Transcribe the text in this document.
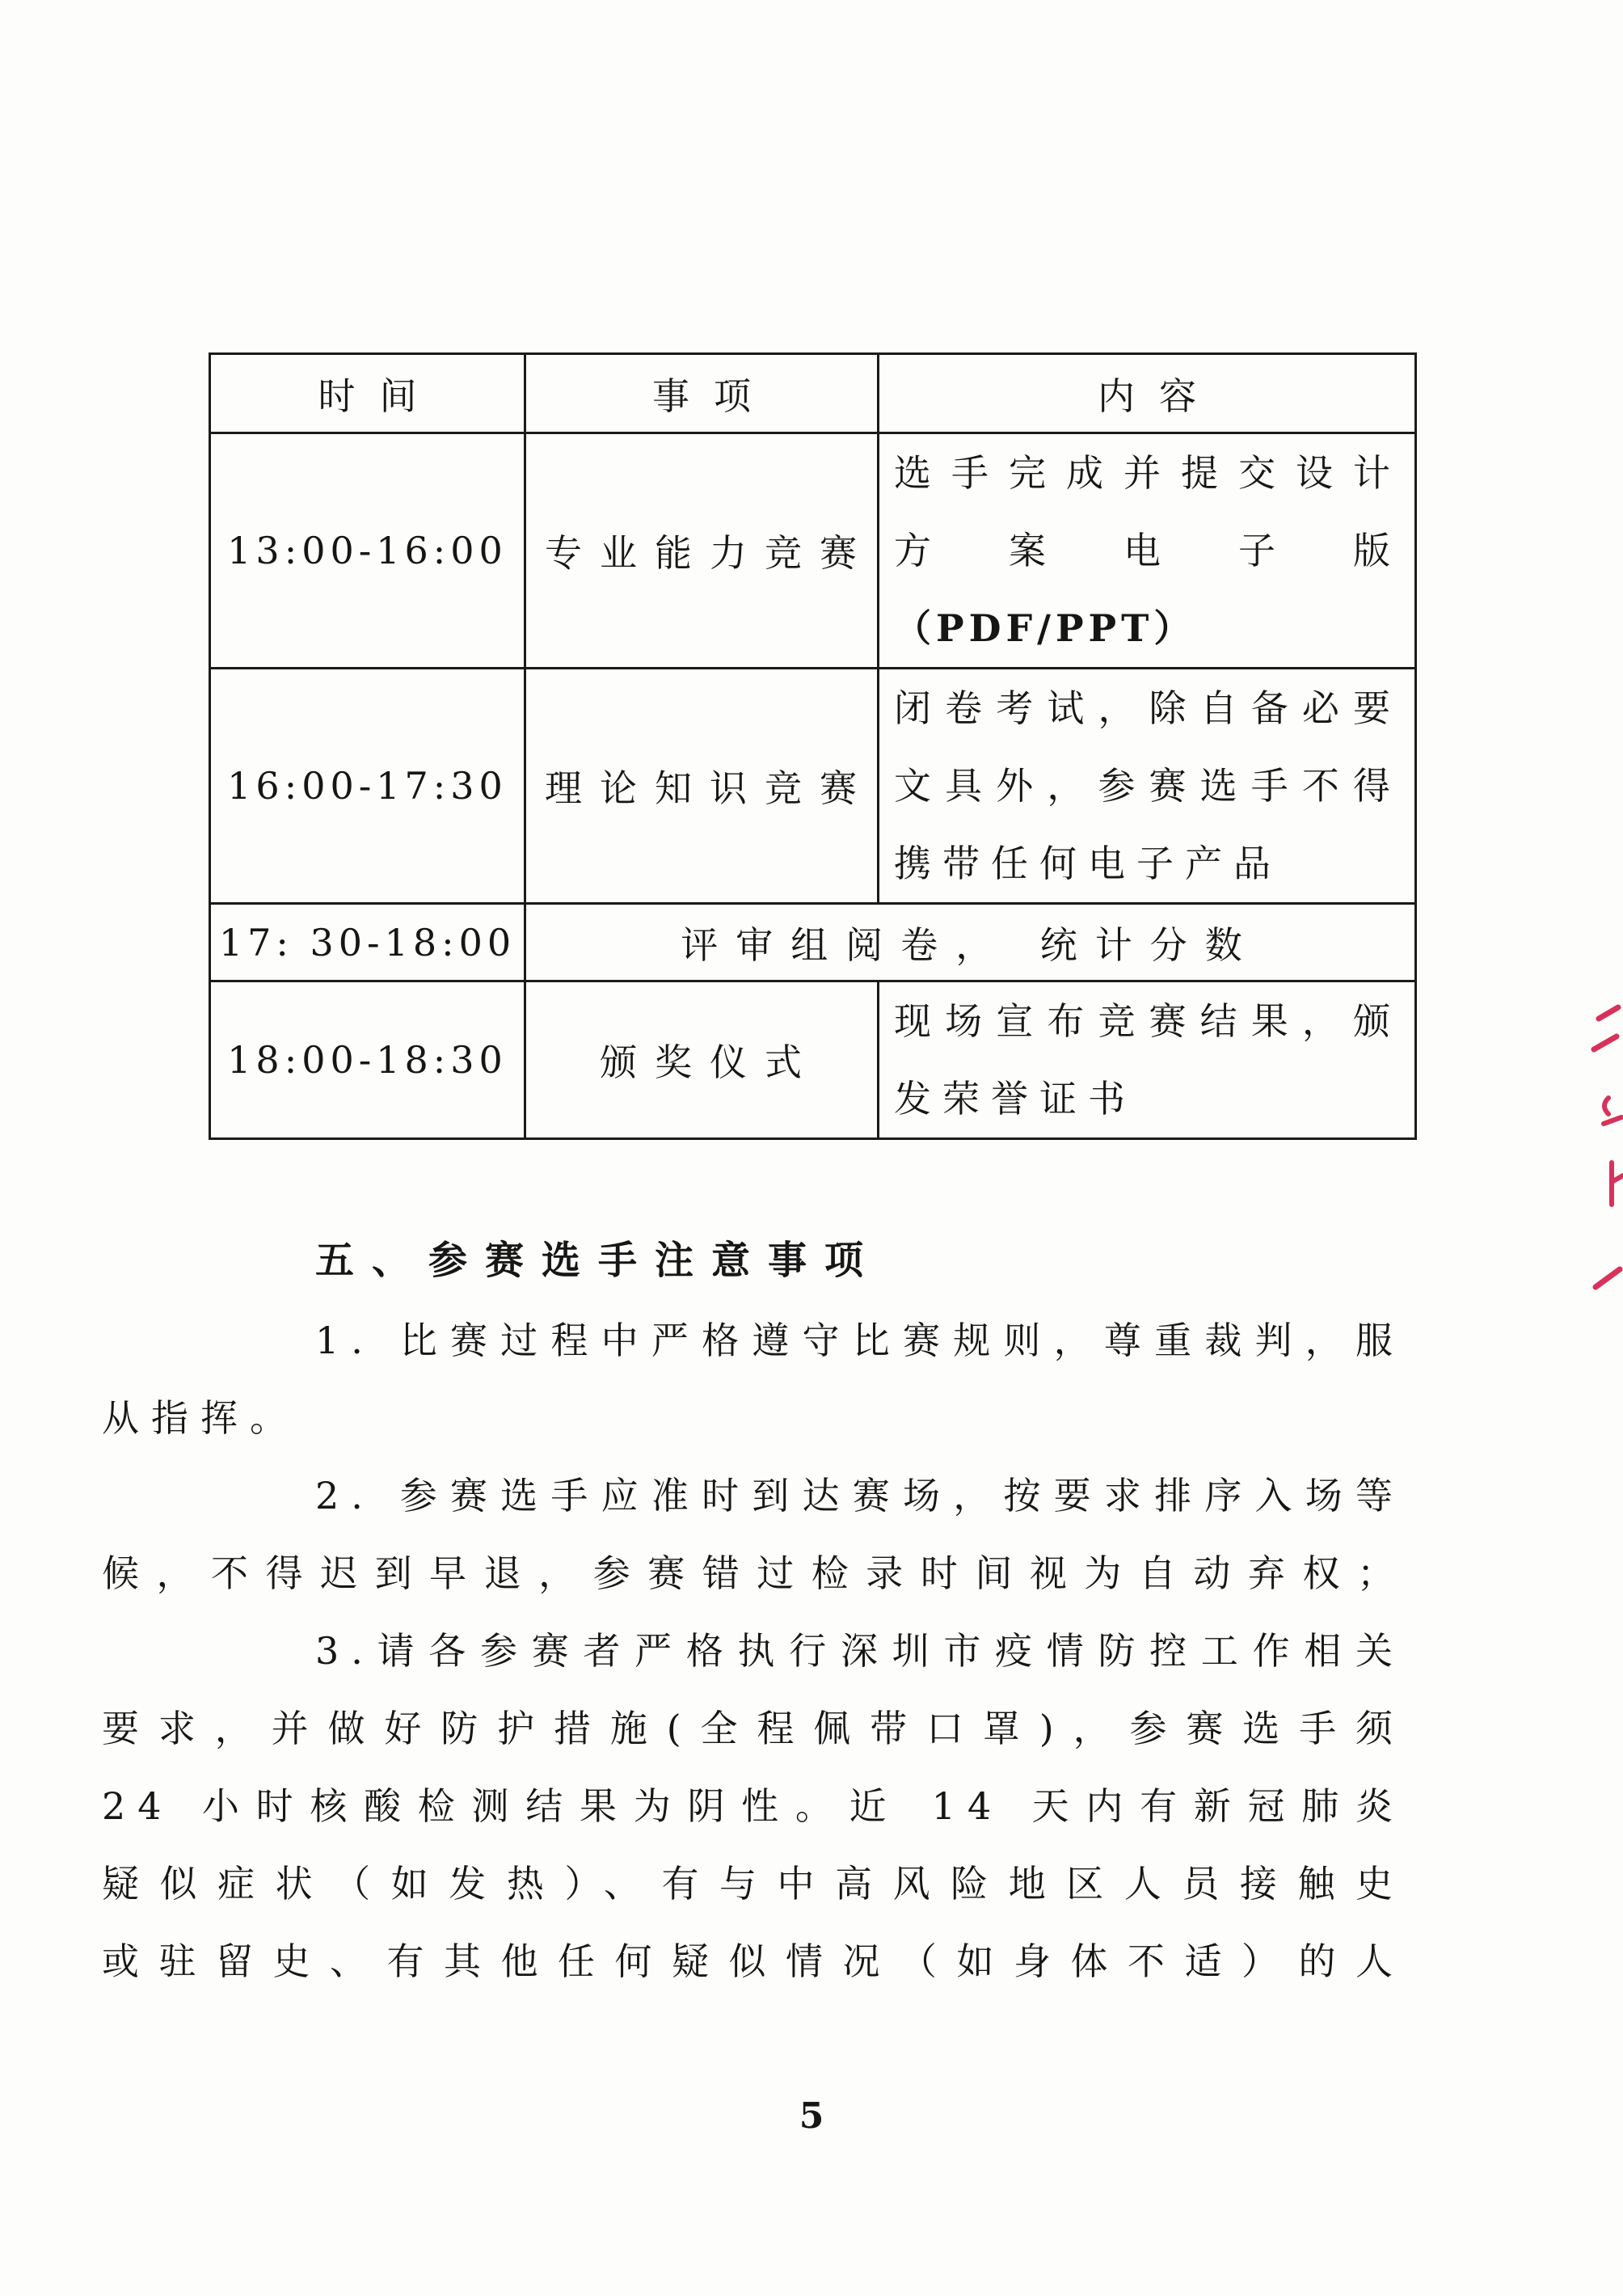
时间	事项	内容
13:00-16:00	专业能力竞赛	选手完成并提交设计
方 案 电 子 版
（PDF/PPT）

16:00-17:30	理论知识竞赛	闭卷考试，除自备必要
文具外，参赛选手不得
携带任何电子产品

17: 30-18:00	评审组阅卷， 统计分数	
18:00-18:30	颁奖仪式	现场宣布竞赛结果，颁
发荣誉证书
五、参赛选手注意事项

1. 比赛过程中严格遵守比赛规则，尊重裁判，服
从指挥。

2. 参赛选手应准时到达赛场，按要求排序入场等
候，不得迟到早退，参赛错过检录时间视为自动弃权；

3.请各参赛者严格执行深圳市疫情防控工作相关
要求，并做好防护措施(全程佩带口罩)，参赛选手须
24 小时核酸检测结果为阴性。近 14 天内有新冠肺炎
疑似症状（如发热）、有与中高风险地区人员接触史
或驻留史、有其他任何疑似情况（如身体不适）的人

5
